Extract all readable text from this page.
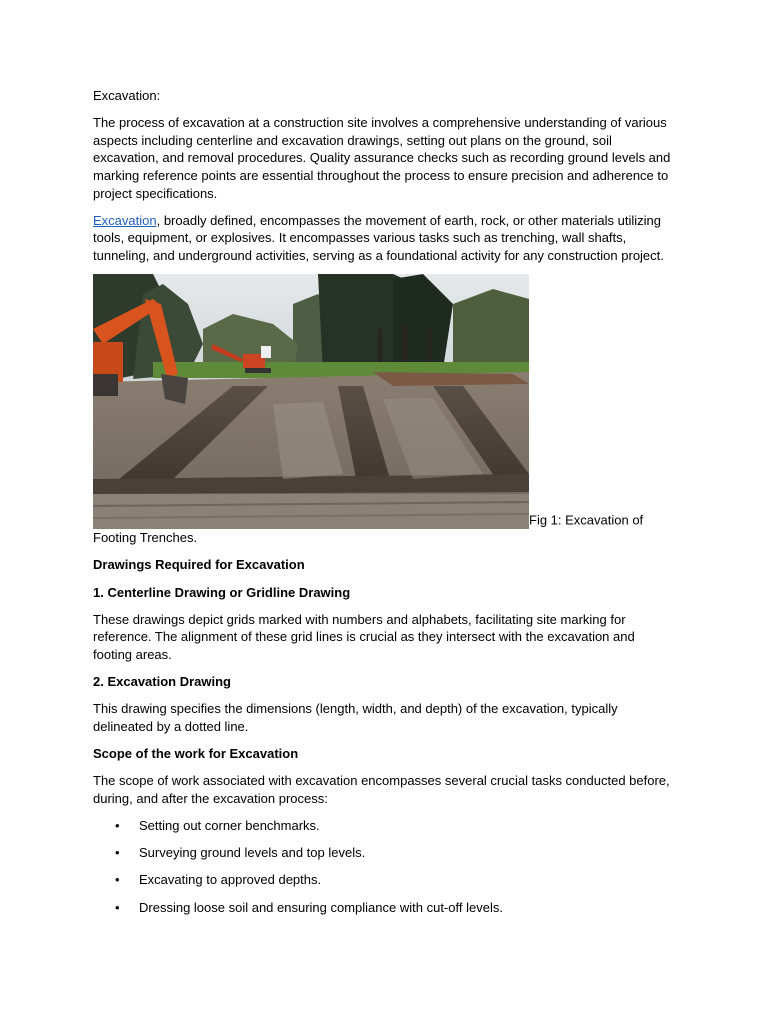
Excavation:

The process of excavation at a construction site involves a comprehensive understanding of various aspects including centerline and excavation drawings, setting out plans on the ground, soil excavation, and removal procedures. Quality assurance checks such as recording ground levels and marking reference points are essential throughout the process to ensure precision and adherence to project specifications.

Excavation, broadly defined, encompasses the movement of earth, rock, or other materials utilizing tools, equipment, or explosives. It encompasses various tasks such as trenching, wall shafts, tunneling, and underground activities, serving as a foundational activity for any construction project.

Fig 1: Excavation of Footing Trenches.

Drawings Required for Excavation

1. Centerline Drawing or Gridline Drawing

These drawings depict grids marked with numbers and alphabets, facilitating site marking for reference. The alignment of these grid lines is crucial as they intersect with the excavation and footing areas.

2. Excavation Drawing

This drawing specifies the dimensions (length, width, and depth) of the excavation, typically delineated by a dotted line.

Scope of the work for Excavation

The scope of work associated with excavation encompasses several crucial tasks conducted before, during, and after the excavation process:

• Setting out corner benchmarks.
• Surveying ground levels and top levels.
• Excavating to approved depths.
• Dressing loose soil and ensuring compliance with cut-off levels.
